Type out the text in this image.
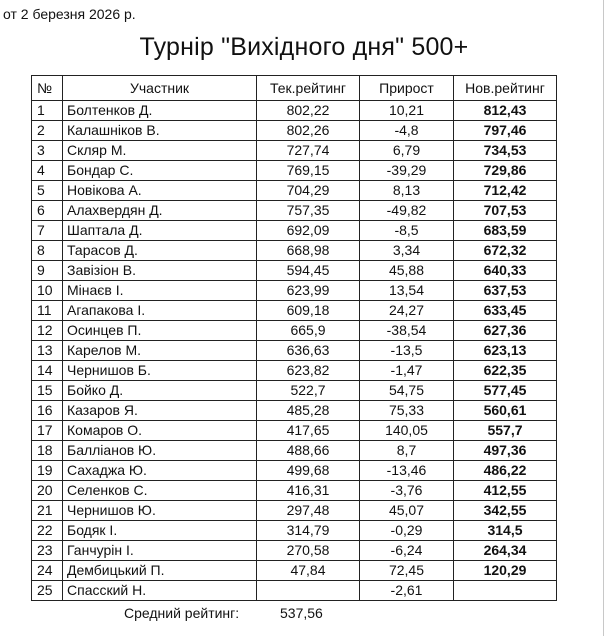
от 2 березня 2026 р.
Турнір "Вихідного дня" 500+
№	Участник	Тек.рейтинг	Прирост	Нов.рейтинг
1	Болтенков Д.	802,22	10,21	812,43
2	Калашніков В.	802,26	-4,8	797,46
3	Скляр М.	727,74	6,79	734,53
4	Бондар С.	769,15	-39,29	729,86
5	Новікова А.	704,29	8,13	712,42
6	Алахвердян Д.	757,35	-49,82	707,53
7	Шаптала Д.	692,09	-8,5	683,59
8	Тарасов Д.	668,98	3,34	672,32
9	Завізіон В.	594,45	45,88	640,33
10	Мінаєв І.	623,99	13,54	637,53
11	Агапакова І.	609,18	24,27	633,45
12	Осинцев П.	665,9	-38,54	627,36
13	Карелов М.	636,63	-13,5	623,13
14	Чернишов Б.	623,82	-1,47	622,35
15	Бойко Д.	522,7	54,75	577,45
16	Казаров Я.	485,28	75,33	560,61
17	Комаров О.	417,65	140,05	557,7
18	Балліанов Ю.	488,66	8,7	497,36
19	Сахаджа Ю.	499,68	-13,46	486,22
20	Селенков С.	416,31	-3,76	412,55
21	Чернишов Ю.	297,48	45,07	342,55
22	Бодяк І.	314,79	-0,29	314,5
23	Ганчурін І.	270,58	-6,24	264,34
24	Дембицький П.	47,84	72,45	120,29
25	Спасский Н.		-2,61	
Средний рейтинг:	537,56
